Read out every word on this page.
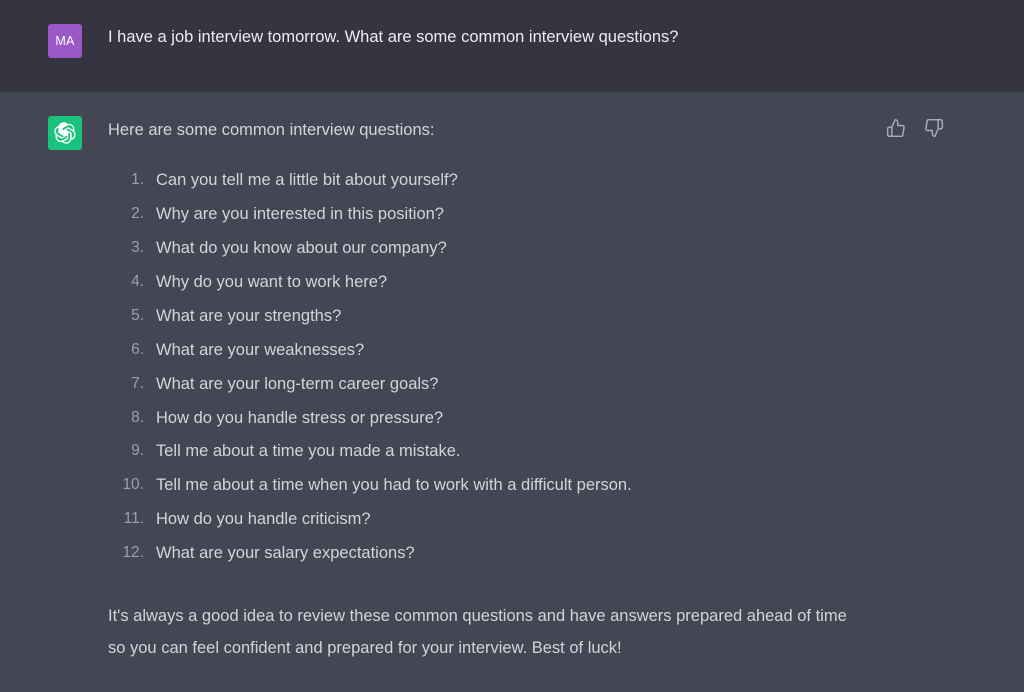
MA	I have a job interview tomorrow. What are some common interview questions?
Here are some common interview questions:
Can you tell me a little bit about yourself?
Why are you interested in this position?
What do you know about our company?
Why do you want to work here?
What are your strengths?
What are your weaknesses?
What are your long-term career goals?
How do you handle stress or pressure?
Tell me about a time you made a mistake.
Tell me about a time when you had to work with a difficult person.
How do you handle criticism?
What are your salary expectations?
It's always a good idea to review these common questions and have answers prepared ahead of time so you can feel confident and prepared for your interview. Best of luck!
